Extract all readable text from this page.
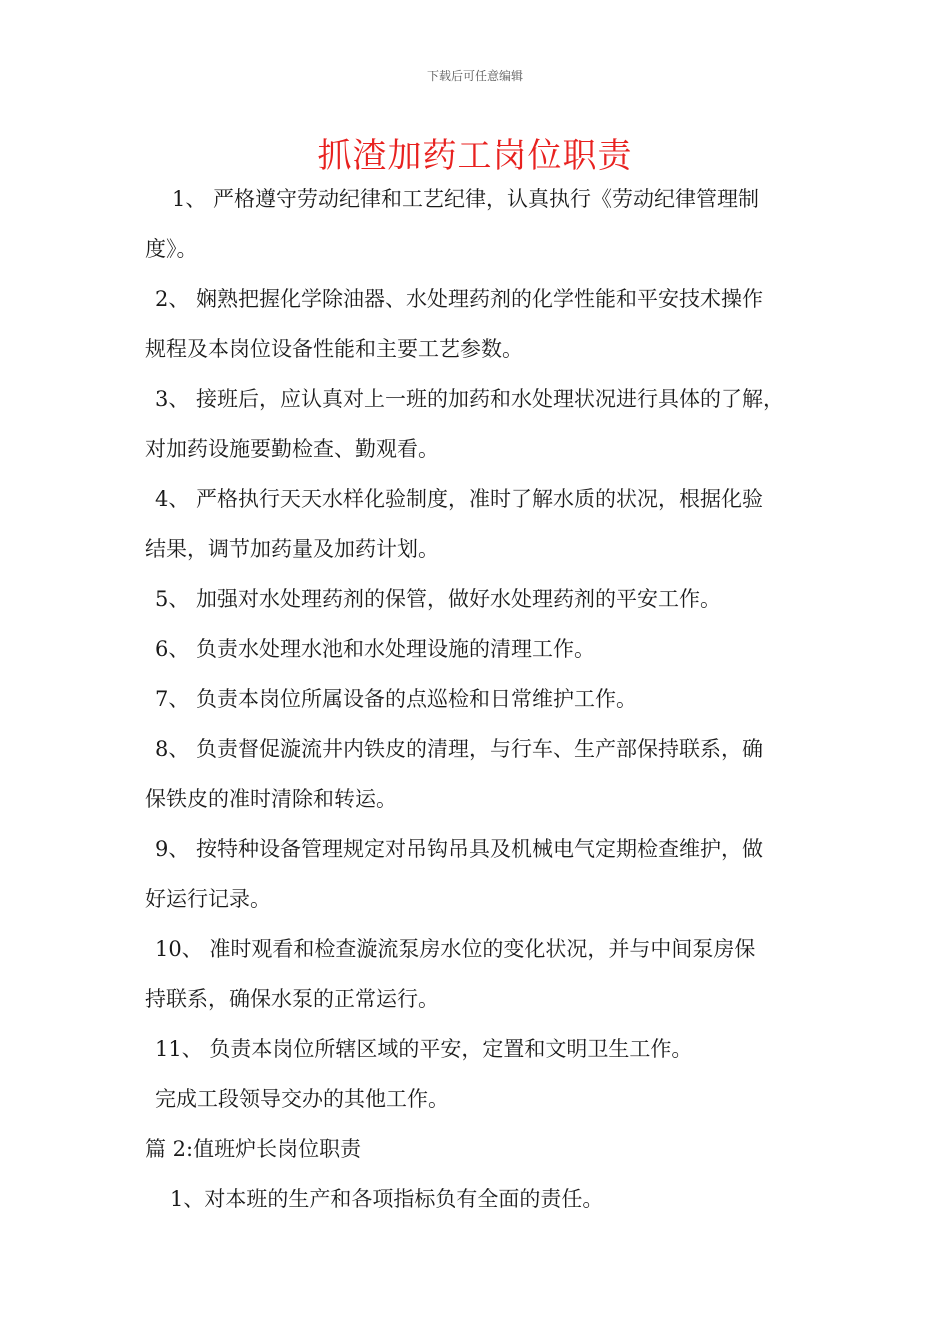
下载后可任意编辑
抓渣加药工岗位职责
1、 严格遵守劳动纪律和工艺纪律，认真执行《劳动纪律管理制
度》。
2、 娴熟把握化学除油器、水处理药剂的化学性能和平安技术操作
规程及本岗位设备性能和主要工艺参数。
3、 接班后，应认真对上一班的加药和水处理状况进行具体的了解，
对加药设施要勤检查、勤观看。
4、 严格执行天天水样化验制度，准时了解水质的状况，根据化验
结果，调节加药量及加药计划。
5、 加强对水处理药剂的保管，做好水处理药剂的平安工作。
6、 负责水处理水池和水处理设施的清理工作。
7、 负责本岗位所属设备的点巡检和日常维护工作。
8、 负责督促漩流井内铁皮的清理，与行车、生产部保持联系，确
保铁皮的准时清除和转运。
9、 按特种设备管理规定对吊钩吊具及机械电气定期检查维护，做
好运行记录。
10、 准时观看和检查漩流泵房水位的变化状况，并与中间泵房保
持联系，确保水泵的正常运行。
11、 负责本岗位所辖区域的平安，定置和文明卫生工作。
完成工段领导交办的其他工作。
篇 2:值班炉长岗位职责
1、对本班的生产和各项指标负有全面的责任。
